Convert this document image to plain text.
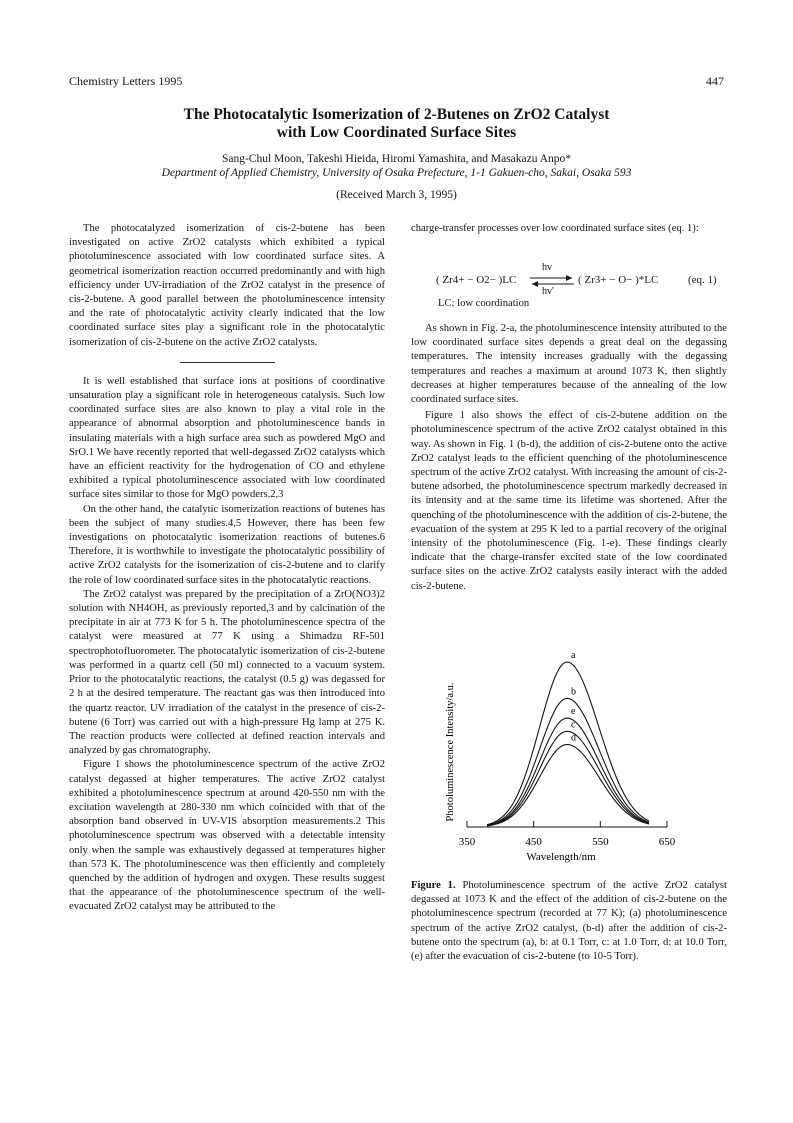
Chemistry Letters 1995	447
The Photocatalytic Isomerization of 2-Butenes on ZrO2 Catalyst
with Low Coordinated Surface Sites
Sang-Chul Moon, Takeshi Hieida, Hiromi Yamashita, and Masakazu Anpo*
Department of Applied Chemistry, University of Osaka Prefecture, 1-1 Gakuen-cho, Sakai, Osaka 593
(Received March 3, 1995)

The photocatalyzed isomerization of cis-2-butene has been investigated on active ZrO2 catalysts which exhibited a typical photoluminescence associated with low coordinated surface sites. A geometrical isomerization reaction occurred predominantly and with high efficiency under UV-irradiation of the ZrO2 catalyst in the presence of cis-2-butene. A good parallel between the photoluminescence intensity and the rate of photocatalytic activity clearly indicated that the low coordinated surface sites play a significant role in the photocatalytic isomerization of cis-2-butene on the active ZrO2 catalysts.

It is well established that surface ions at positions of coordinative unsaturation play a significant role in heterogeneous catalysis. Such low coordinated surface sites are also known to play a vital role in the appearance of abnormal absorption and photoluminescence bands in insulating materials with a high surface area such as powdered MgO and SrO.1 We have recently reported that well-degassed ZrO2 catalysts which have an efficient reactivity for the hydrogenation of CO and ethylene exhibited a typical photoluminescence associated with low coordinated surface sites similar to those for MgO powders.2,3

On the other hand, the catalytic isomerization reactions of butenes has been the subject of many studies.4,5 However, there has been few investigations on photocatalytic isomerization reactions of butenes.6 Therefore, it is worthwhile to investigate the photocatalytic possibility of active ZrO2 catalysts for the isomerization of cis-2-butene and to clarify the role of low coordinated surface sites in the photocatalytic reactions.

The ZrO2 catalyst was prepared by the precipitation of a ZrO(NO3)2 solution with NH4OH, as previously reported,3 and by calcination of the precipitate in air at 773 K for 5 h. The photoluminescence spectra of the catalyst were measured at 77 K using a Shimadzu RF-501 spectrophotofluorometer. The photocatalytic isomerization of cis-2-butene was performed in a quartz cell (50 ml) connected to a vacuum system. Prior to the photocatalytic reactions, the catalyst (0.5 g) was degassed for 2 h at the desired temperature. The reactant gas was then introduced into the quartz reactor. UV irradiation of the catalyst in the presence of cis-2-butene (6 Torr) was carried out with a high-pressure Hg lamp at 275 K. The reaction products were collected at defined reaction intervals and analyzed by gas chromatography.

Figure 1 shows the photoluminescence spectrum of the active ZrO2 catalyst degassed at higher temperatures. The active ZrO2 catalyst exhibited a photoluminescence spectrum at around 420-550 nm with the excitation wavelength at 280-330 nm which coincided with that of the absorption band observed in UV-VIS absorption measurements.2 This photoluminescence spectrum was observed with a detectable intensity only when the sample was exhaustively degassed at temperatures higher than 573 K. The photoluminescence was then efficiently and completely quenched by the addition of hydrogen and oxygen. These results suggest that the appearance of the photoluminescence spectrum of the well-evacuated ZrO2 catalyst may be attributed to the

charge-transfer processes over low coordinated surface sites (eq. 1):

( Zr4+ − O2− )LC
hv
hv'
( Zr3+ − O− )*LC	(eq. 1)
LC: low coordination

As shown in Fig. 2-a, the photoluminescence intensity attributed to the low coordinated surface sites depends a great deal on the degassing temperatures. The intensity increases gradually with the degassing temperatures and reaches a maximum at around 1073 K, then slightly decreases at higher temperatures because of the annealing of the low coordinated surface sites.

Figure 1 also shows the effect of cis-2-butene addition on the photoluminescence spectrum of the active ZrO2 catalyst obtained in this way. As shown in Fig. 1 (b-d), the addition of cis-2-butene onto the active ZrO2 catalyst leads to the efficient quenching of the photoluminescence spectrum of the active ZrO2 catalyst. With increasing the amount of cis-2-butene adsorbed, the photoluminescence spectrum markedly decreased in its intensity and at the same time its lifetime was shortened. After the quenching of the photoluminescence with the addition of cis-2-butene, the evacuation of the system at 295 K led to a partial recovery of the original intensity of the photoluminescence (Fig. 1-e). These findings clearly indicate that the charge-transfer excited state of the low coordinated surface sites on the active ZrO2 catalysts easily interact with the added cis-2-butene.

Photoluminescence Intensity/a.u.
350	450	550	650
a
b
e
c
d
Wavelength/nm
Figure 1. Photoluminescence spectrum of the active ZrO2 catalyst degassed at 1073 K and the effect of the addition of cis-2-butene on the photoluminescence spectrum (recorded at 77 K); (a) photoluminescence spectrum of the active ZrO2 catalyst, (b-d) after the addition of cis-2-butene onto the spectrum (a), b: at 0.1 Torr, c: at 1.0 Torr, d: at 10.0 Torr, (e) after the evacuation of cis-2-butene (to 10-5 Torr).
